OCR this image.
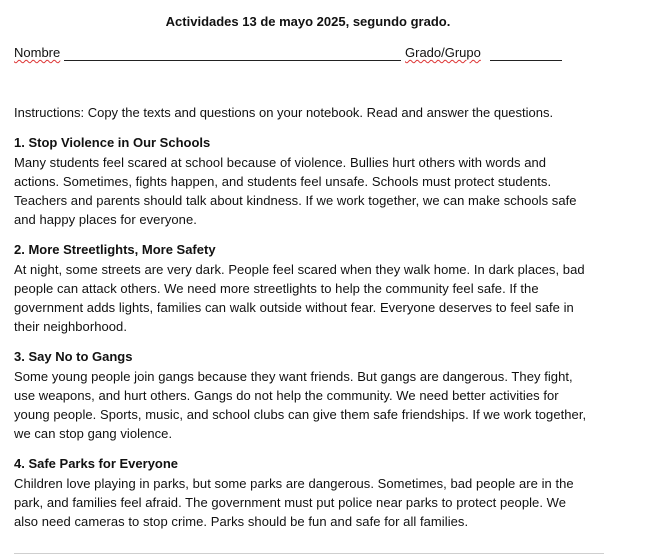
Actividades 13 de mayo 2025, segundo grado.
Nombre	Grado/Grupo
Instructions: Copy the texts and questions on your notebook. Read and answer the questions.
1. Stop Violence in Our Schools

Many students feel scared at school because of violence. Bullies hurt others with words and
actions. Sometimes, fights happen, and students feel unsafe. Schools must protect students.
Teachers and parents should talk about kindness. If we work together, we can make schools safe
and happy places for everyone.

2. More Streetlights, More Safety

At night, some streets are very dark. People feel scared when they walk home. In dark places, bad
people can attack others. We need more streetlights to help the community feel safe. If the
government adds lights, families can walk outside without fear. Everyone deserves to feel safe in
their neighborhood.

3. Say No to Gangs

Some young people join gangs because they want friends. But gangs are dangerous. They fight,
use weapons, and hurt others. Gangs do not help the community. We need better activities for
young people. Sports, music, and school clubs can give them safe friendships. If we work together,
we can stop gang violence.

4. Safe Parks for Everyone

Children love playing in parks, but some parks are dangerous. Sometimes, bad people are in the
park, and families feel afraid. The government must put police near parks to protect people. We
also need cameras to stop crime. Parks should be fun and safe for all families.
